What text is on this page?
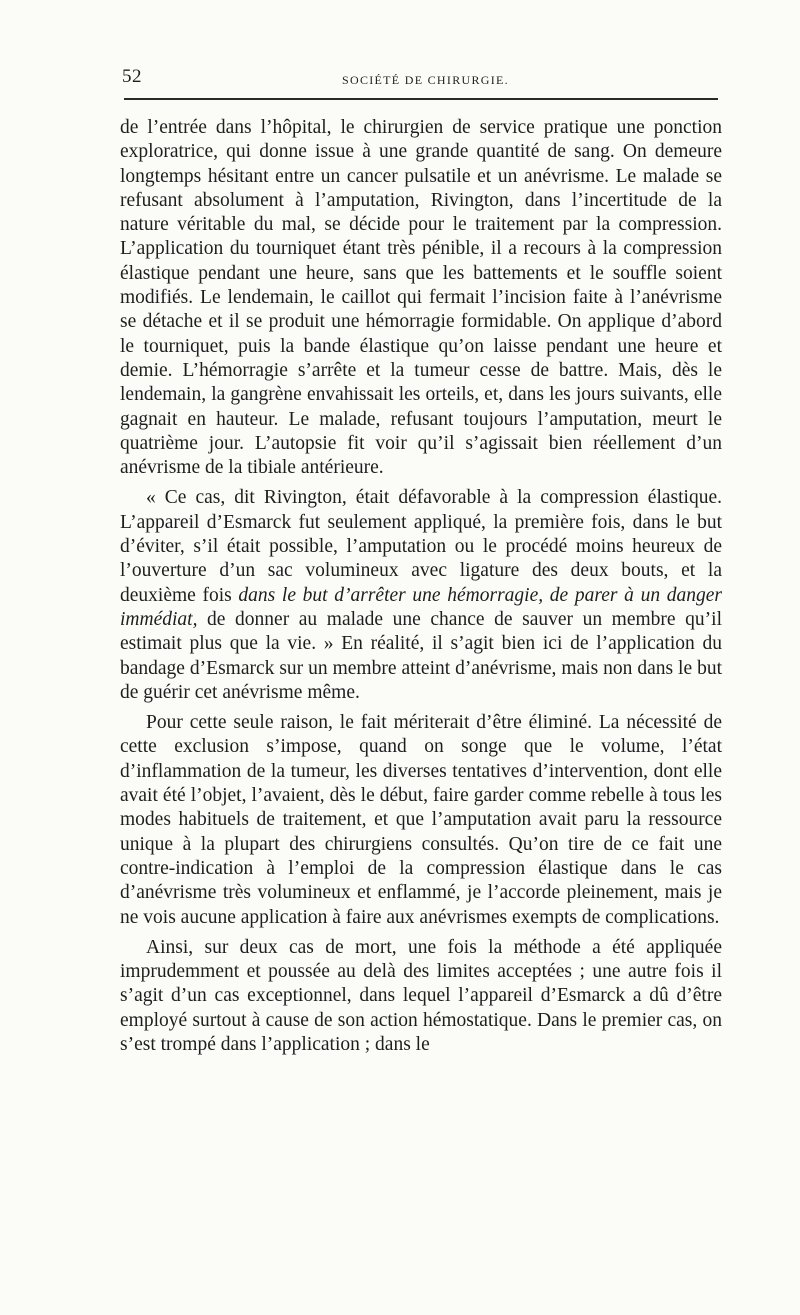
52	SOCIÉTÉ DE CHIRURGIE.

de l’entrée dans l’hôpital, le chirurgien de service pratique une ponction exploratrice, qui donne issue à une grande quantité de sang. On demeure longtemps hésitant entre un cancer pulsatile et un anévrisme. Le malade se refusant absolument à l’amputation, Rivington, dans l’incertitude de la nature véritable du mal, se décide pour le traitement par la compression. L’application du tourniquet étant très pénible, il a recours à la compression élastique pendant une heure, sans que les battements et le souffle soient modifiés. Le lendemain, le caillot qui fermait l’incision faite à l’anévrisme se détache et il se produit une hémorragie formidable. On applique d’abord le tourniquet, puis la bande élastique qu’on laisse pendant une heure et demie. L’hémorragie s’arrête et la tumeur cesse de battre. Mais, dès le lendemain, la gangrène envahissait les orteils, et, dans les jours suivants, elle gagnait en hauteur. Le malade, refusant toujours l’amputation, meurt le quatrième jour. L’autopsie fit voir qu’il s’agissait bien réellement d’un anévrisme de la tibiale antérieure.

« Ce cas, dit Rivington, était défavorable à la compression élastique. L’appareil d’Esmarck fut seulement appliqué, la première fois, dans le but d’éviter, s’il était possible, l’amputation ou le procédé moins heureux de l’ouverture d’un sac volumineux avec ligature des deux bouts, et la deuxième fois dans le but d’arrêter une hémorragie, de parer à un danger immédiat, de donner au malade une chance de sauver un membre qu’il estimait plus que la vie. » En réalité, il s’agit bien ici de l’application du bandage d’Esmarck sur un membre atteint d’anévrisme, mais non dans le but de guérir cet anévrisme même.

Pour cette seule raison, le fait mériterait d’être éliminé. La nécessité de cette exclusion s’impose, quand on songe que le volume, l’état d’inflammation de la tumeur, les diverses tentatives d’intervention, dont elle avait été l’objet, l’avaient, dès le début, faire garder comme rebelle à tous les modes habituels de traitement, et que l’amputation avait paru la ressource unique à la plupart des chirurgiens consultés. Qu’on tire de ce fait une contre-indication à l’emploi de la compression élastique dans le cas d’anévrisme très volumineux et enflammé, je l’accorde pleinement, mais je ne vois aucune application à faire aux anévrismes exempts de complications.

Ainsi, sur deux cas de mort, une fois la méthode a été appliquée imprudemment et poussée au delà des limites acceptées ; une autre fois il s’agit d’un cas exceptionnel, dans lequel l’appareil d’Esmarck a dû d’être employé surtout à cause de son action hémostatique. Dans le premier cas, on s’est trompé dans l’application ; dans le
